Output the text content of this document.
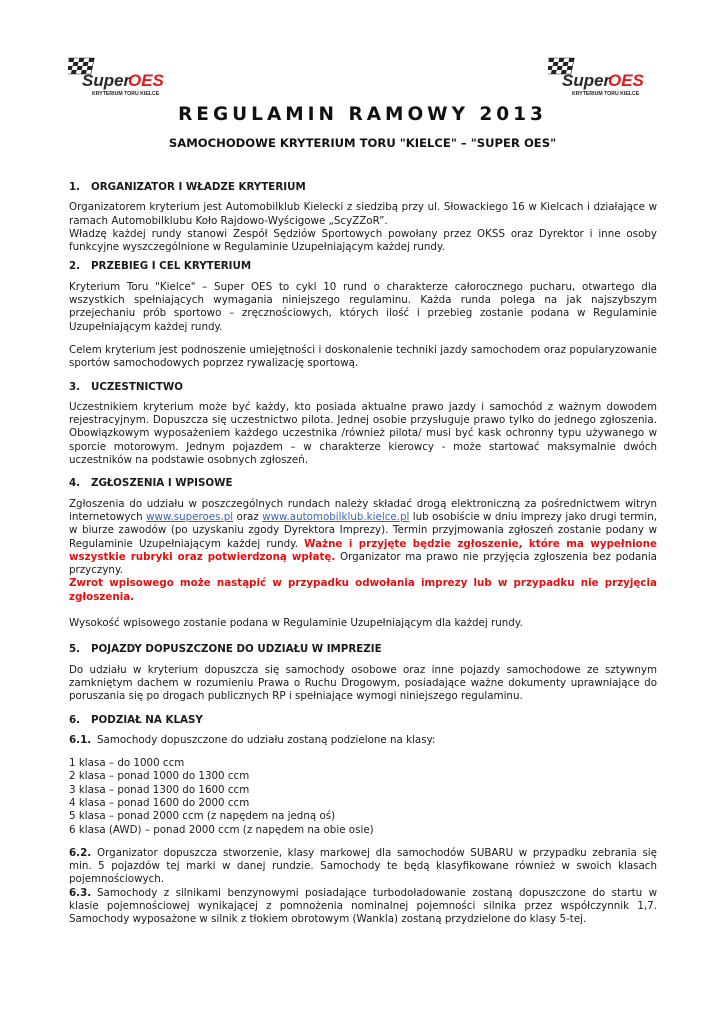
Super
OES
KRYTERIUM TORU KIELCE
Super
OES
KRYTERIUM TORU KIELCE
REGULAMIN RAMOWY 2013
SAMOCHODOWE KRYTERIUM TORU "KIELCE" – "SUPER OES"
1. ORGANIZATOR I WŁADZE KRYTERIUM

Organizatorem kryterium jest Automobilklub Kielecki z siedzibą przy ul. Słowackiego 16 w Kielcach i działające w ramach Automobilklubu Koło Rajdowo-Wyścigowe „ScyZZoR”.

Władzę każdej rundy stanowi Zespół Sędziów Sportowych powołany przez OKSS oraz Dyrektor i inne osoby funkcyjne wyszczególnione w Regulaminie Uzupełniającym każdej rundy.

2. PRZEBIEG I CEL KRYTERIUM

Kryterium Toru "Kielce" – Super OES to cykl 10 rund o charakterze całorocznego pucharu, otwartego dla wszystkich spełniających wymagania niniejszego regulaminu. Każda runda polega na jak najszybszym przejechaniu prób sportowo – zręcznościowych, których ilość i przebieg zostanie podana w Regulaminie Uzupełniającym każdej rundy.

Celem kryterium jest podnoszenie umiejętności i doskonalenie techniki jazdy samochodem oraz popularyzowanie sportów samochodowych poprzez rywalizację sportową.

3. UCZESTNICTWO

Uczestnikiem kryterium może być każdy, kto posiada aktualne prawo jazdy i samochód z ważnym dowodem rejestracyjnym. Dopuszcza się uczestnictwo pilota. Jednej osobie przysługuje prawo tylko do jednego zgłoszenia. Obowiązkowym wyposażeniem każdego uczestnika /również pilota/ musi być kask ochronny typu używanego w sporcie motorowym. Jednym pojazdem – w charakterze kierowcy - może startować maksymalnie dwóch uczestników na podstawie osobnych zgłoszeń.

4. ZGŁOSZENIA I WPISOWE

Zgłoszenia do udziału w poszczególnych rundach należy składać drogą elektroniczną za pośrednictwem witryn internetowych www.superoes.pl oraz www.automobilklub.kielce.pl lub osobiście w dniu imprezy jako drugi termin, w biurze zawodów (po uzyskaniu zgody Dyrektora Imprezy). Termin przyjmowania zgłoszeń zostanie podany w Regulaminie Uzupełniającym każdej rundy. Ważne i przyjęte będzie zgłoszenie, które ma wypełnione wszystkie rubryki oraz potwierdzoną wpłatę. Organizator ma prawo nie przyjęcia zgłoszenia bez podania przyczyny.

Zwrot wpisowego może nastąpić w przypadku odwołania imprezy lub w przypadku nie przyjęcia zgłoszenia.

Wysokość wpisowego zostanie podana w Regulaminie Uzupełniającym dla każdej rundy.

5. POJAZDY DOPUSZCZONE DO UDZIAŁU W IMPREZIE

Do udziału w kryterium dopuszcza się samochody osobowe oraz inne pojazdy samochodowe ze sztywnym zamkniętym dachem w rozumieniu Prawa o Ruchu Drogowym, posiadające ważne dokumenty uprawniające do poruszania się po drogach publicznych RP i spełniające wymogi niniejszego regulaminu.

6. PODZIAŁ NA KLASY

6.1. Samochody dopuszczone do udziału zostaną podzielone na klasy:

1 klasa – do 1000 ccm

2 klasa – ponad 1000 do 1300 ccm

3 klasa – ponad 1300 do 1600 ccm

4 klasa – ponad 1600 do 2000 ccm

5 klasa – ponad 2000 ccm (z napędem na jedną oś)

6 klasa (AWD) – ponad 2000 ccm (z napędem na obie osie)

6.2. Organizator dopuszcza stworzenie, klasy markowej dla samochodów SUBARU w przypadku zebrania się min. 5 pojazdów tej marki w danej rundzie. Samochody te będą klasyfikowane również w swoich klasach pojemnościowych.

6.3. Samochody z silnikami benzynowymi posiadające turbodoładowanie zostaną dopuszczone do startu w klasie pojemnościowej wynikającej z pomnożenia nominalnej pojemności silnika przez współczynnik 1,7. Samochody wyposażone w silnik z tłokiem obrotowym (Wankla) zostaną przydzielone do klasy 5-tej.
